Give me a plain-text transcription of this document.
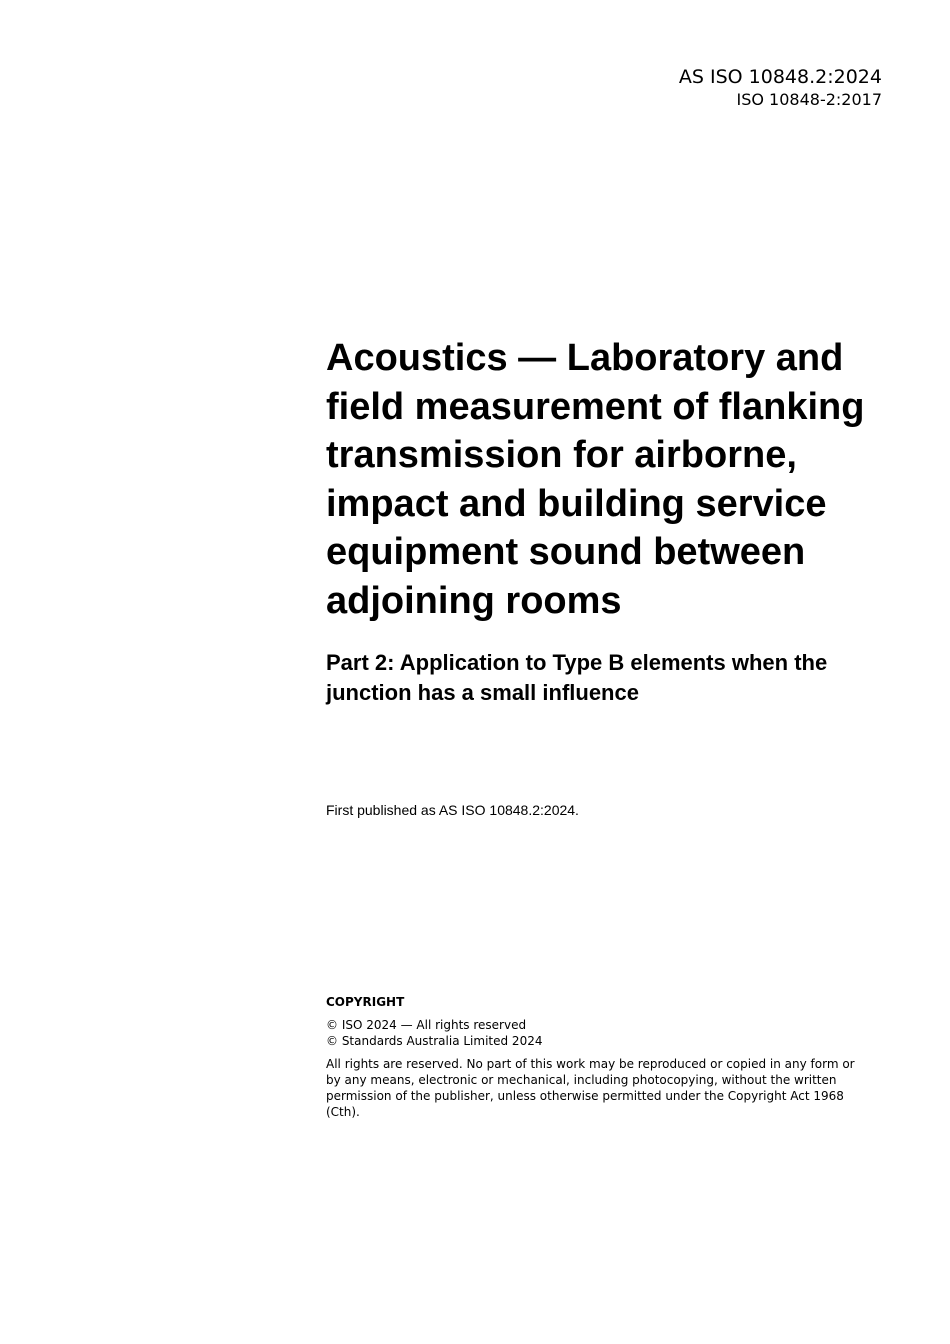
AS ISO 10848.2:2024
ISO 10848-2:2017
Acoustics — Laboratory and field measurement of flanking transmission for airborne, impact and building service equipment sound between adjoining rooms
Part 2: Application to Type B elements when the junction has a small influence
First published as AS ISO 10848.2:2024.

COPYRIGHT

© ISO 2024 — All rights reserved

© Standards Australia Limited 2024

All rights are reserved. No part of this work may be reproduced or copied in any form or by any means, electronic or mechanical, including photocopying, without the written permission of the publisher, unless otherwise permitted under the Copyright Act 1968 (Cth).
